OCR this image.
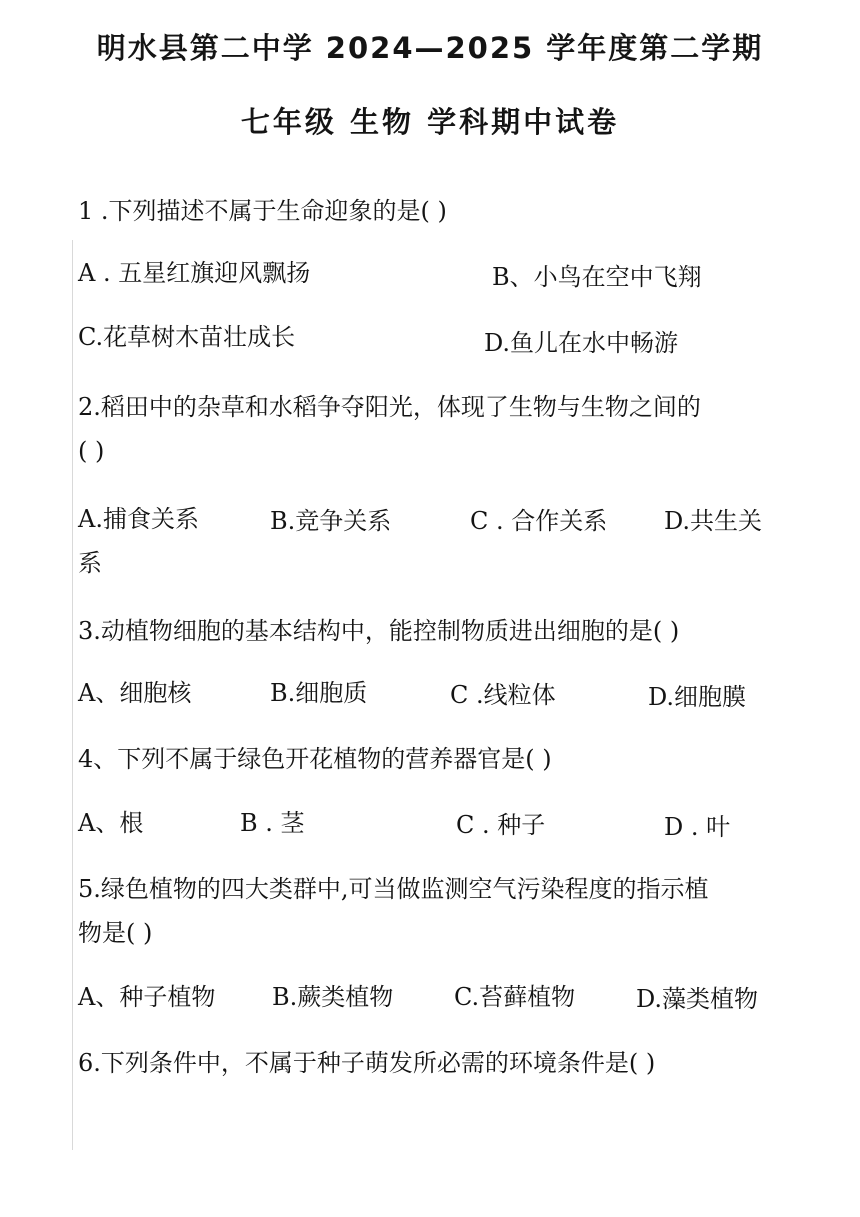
明水县第二中学 2024—2025 学年度第二学期
七年级 生物 学科期中试卷
1 .下列描述不属于生命迎象的是( )
A . 五星红旗迎风飘扬	B、小鸟在空中飞翔
C.花草树木苗壮成长	D.鱼儿在水中畅游
2.稻田中的杂草和水稻争夺阳光，体现了生物与生物之间的
( )
A.捕食关系	B.竞争关系	C . 合作关系 D.共生关
系
3.动植物细胞的基本结构中，能控制物质进出细胞的是( )
A、细胞核	B.细胞质	C .线粒体	D.细胞膜
4、下列不属于绿色开花植物的营养器官是( )
A、根	B . 茎	C . 种子	D . 叶
5.绿色植物的四大类群中,可当做监测空气污染程度的指示植
物是( )
A、种子植物 B.蕨类植物	C.苔藓植物	D.藻类植物
6.下列条件中，不属于种子萌发所必需的环境条件是( )
